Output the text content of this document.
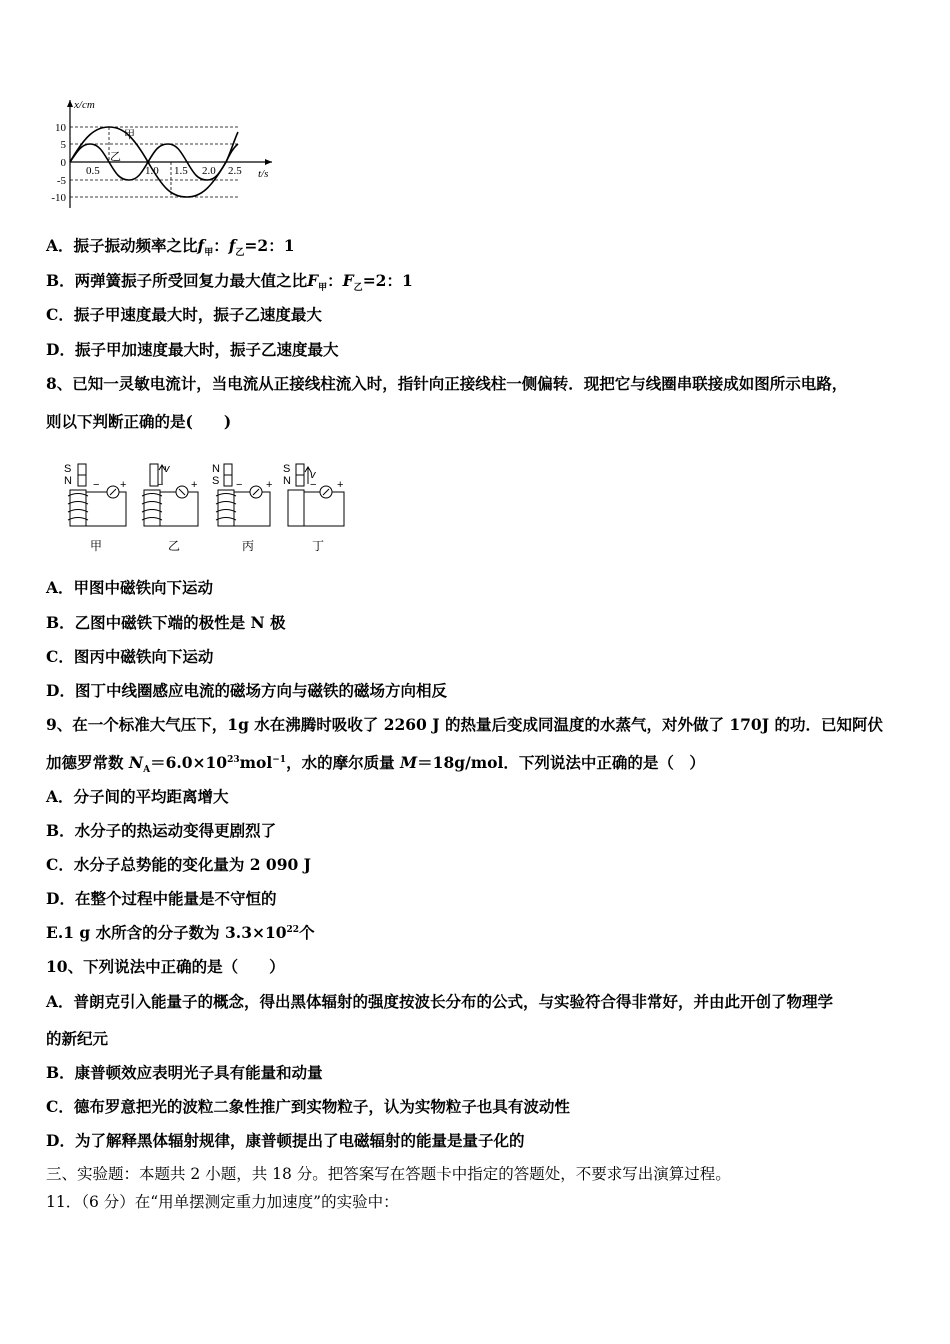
x/cm
t/s
10
5
0
-5
-10
0.5	1.0 1.5 2.0 2.5
甲
乙
A．振子振动频率之比$f_甲$：$f_乙=2$：1
B．两弹簧振子所受回复力最大值之比$F_甲$：$F_乙=2$：1
C．振子甲速度最大时，振子乙速度最大
D．振子甲加速度最大时，振子乙速度最大
8、已知一灵敏电流计，当电流从正接线柱流入时，指针向正接线柱一侧偏转．现把它与线圈串联接成如图所示电路，
则以下判断正确的是(　　)
S
N − +
v
−	+
N
S − +
S
N v
− +
甲	乙	丙	丁
A．甲图中磁铁向下运动
B．乙图中磁铁下端的极性是 N 极
C．图丙中磁铁向下运动
D．图丁中线圈感应电流的磁场方向与磁铁的磁场方向相反
9、在一个标准大气压下，1g 水在沸腾时吸收了 2260 J 的热量后变成同温度的水蒸气，对外做了 170J 的功．已知阿伏
加德罗常数 $N_A=6.0\times 10^{23}mol^{-1}$，水的摩尔质量 M＝18g/mol．下列说法中正确的是（　）
A．分子间的平均距离增大
B．水分子的热运动变得更剧烈了
C．水分子总势能的变化量为 2 090 J
D．在整个过程中能量是不守恒的
E.1 g 水所含的分子数为 $3.3\times 10^{22}$个
10、下列说法中正确的是（　　）
A．普朗克引入能量子的概念，得出黑体辐射的强度按波长分布的公式，与实验符合得非常好，并由此开创了物理学
的新纪元
B．康普顿效应表明光子具有能量和动量
C．德布罗意把光的波粒二象性推广到实物粒子，认为实物粒子也具有波动性
D．为了解释黑体辐射规律，康普顿提出了电磁辐射的能量是量子化的
三、实验题：本题共 2 小题，共 18 分。把答案写在答题卡中指定的答题处，不要求写出演算过程。
11．（6 分）在“用单摆测定重力加速度”的实验中：
